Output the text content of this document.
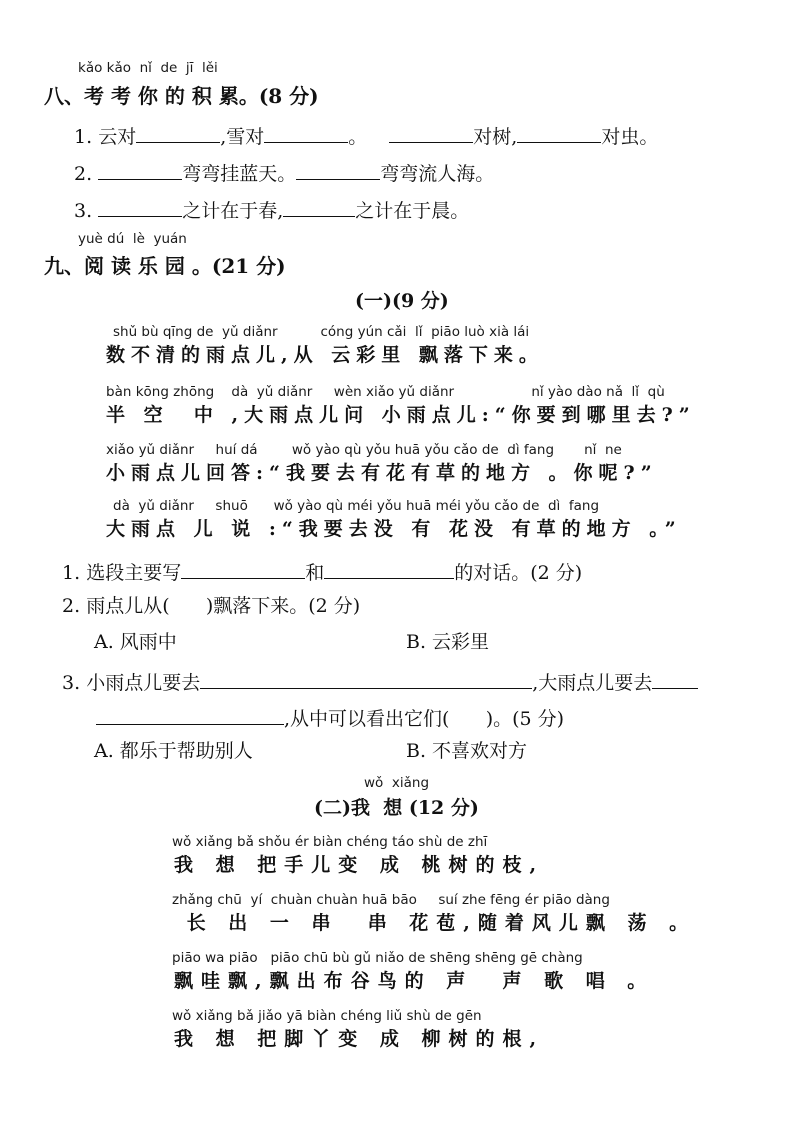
kǎo kǎo  nǐ  de  jī  lěi
八、考 考 你 的 积 累。(8 分)
1. 云对	,雪对	。	对树,	对虫。
2.	弯弯挂蓝天。	弯弯流人海。
3.	之计在于春,	之计在于晨。
yuè dú  lè  yuán
九、阅 读 乐 园 。(21 分)
(一)(9 分)
shǔ bù qīng de  yǔ diǎnr          cóng yún cǎi  lǐ  piāo luò xià lái
数不清的雨点儿,从 云彩里 飘落下来。
bàn kōng zhōng    dà  yǔ diǎnr     wèn xiǎo yǔ diǎnr                  nǐ yào dào nǎ  lǐ  qù
半 空  中 ,大雨点儿问 小雨点儿:“你要到哪里去?”
xiǎo yǔ diǎnr     huí dá        wǒ yào qù yǒu huā yǒu cǎo de  dì fang       nǐ  ne
小雨点儿回答:“我要去有花有草的地方 。你呢?”
dà  yǔ diǎnr     shuō      wǒ yào qù méi yǒu huā méi yǒu cǎo de  dì  fang
大雨点 儿 说 :“我要去没 有 花没 有草的地方 。”
1. 选段主要写	和	的对话。(2 分)
2. 雨点儿从(      )飘落下来。(2 分)
A. 风雨中	B. 云彩里
3. 小雨点儿要去	,大雨点儿要去
,从中可以看出它们(      )。(5 分)
A. 都乐于帮助别人	B. 不喜欢对方
wǒ  xiǎng
(二)我  想 (12 分)
wǒ xiǎng bǎ shǒu ér biàn chéng táo shù de zhī
我 想 把手儿变 成 桃树的枝,
zhǎng chū  yí  chuàn chuàn huā bāo     suí zhe fēng ér piāo dàng
长 出 一 串  串 花苞,随着风儿飘 荡 。
piāo wa piāo   piāo chū bù gǔ niǎo de shēng shēng gē chàng
飘哇飘,飘出布谷鸟的 声  声 歌 唱 。
wǒ xiǎng bǎ jiǎo yā biàn chéng liǔ shù de gēn
我 想 把脚丫变 成 柳树的根,
